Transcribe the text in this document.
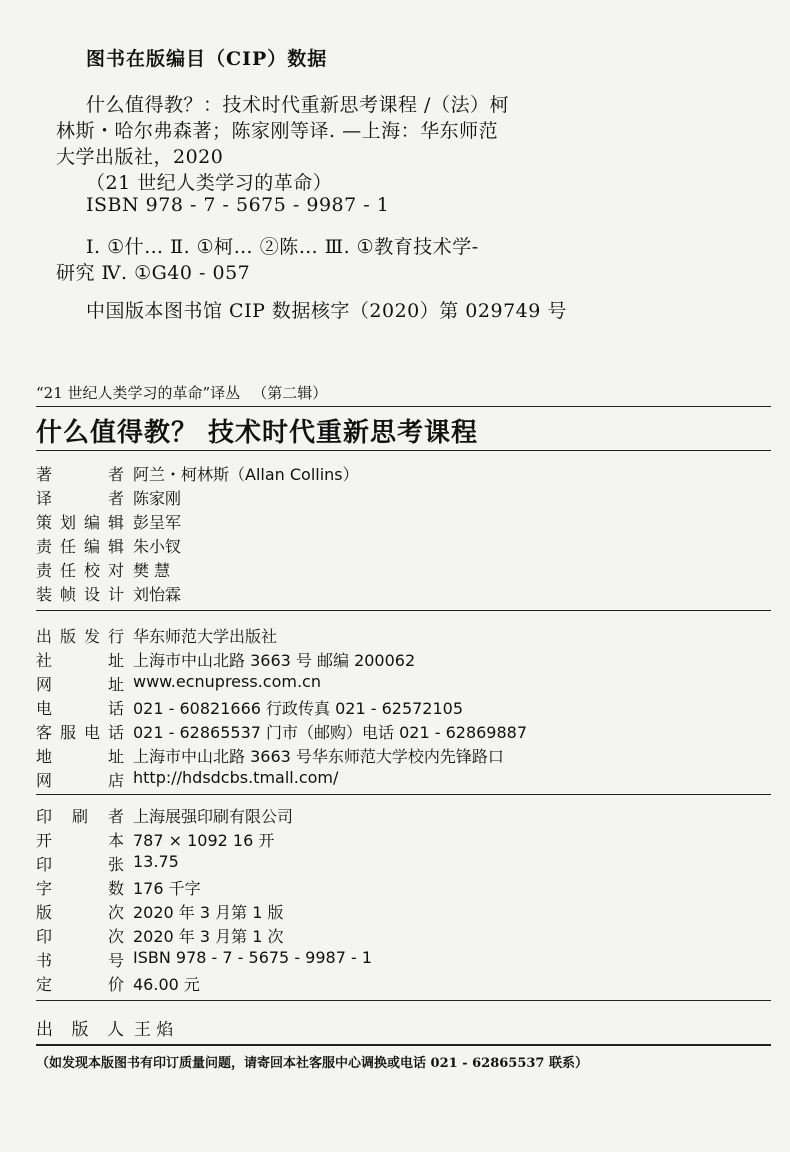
图书在版编目（CIP）数据
什么值得教？：技术时代重新思考课程 /（法）柯
林斯・哈尔弗森著；陈家刚等译. —上海：华东师范
大学出版社，2020
（21 世纪人类学习的革命）
ISBN 978 - 7 - 5675 - 9987 - 1
Ⅰ. ①什… Ⅱ. ①柯… ②陈… Ⅲ. ①教育技术学-
研究 Ⅳ. ①G40 - 057
中国版本图书馆 CIP 数据核字（2020）第 029749 号
“21 世纪人类学习的革命”译丛 （第二辑）
什么值得教？ 技术时代重新思考课程
著 者 阿兰・柯林斯（Allan Collins）
译 者 陈家刚
策划编辑 彭呈军
责任编辑 朱小钗
责任校对 樊 慧
装帧设计 刘怡霖
出版发行 华东师范大学出版社
社 址 上海市中山北路 3663 号 邮编 200062
网 址 www.ecnupress.com.cn
电 话 021 - 60821666 行政传真 021 - 62572105
客服电话 021 - 62865537 门市（邮购）电话 021 - 62869887
地 址 上海市中山北路 3663 号华东师范大学校内先锋路口
网 店 http://hdsdcbs.tmall.com/
印 刷 者 上海展强印刷有限公司
开 本 787 × 1092 16 开
印 张 13.75
字 数 176 千字
版 次 2020 年 3 月第 1 版
印 次 2020 年 3 月第 1 次
书 号 ISBN 978 - 7 - 5675 - 9987 - 1
定 价 46.00 元
出 版 人 王 焰
（如发现本版图书有印订质量问题，请寄回本社客服中心调换或电话 021 - 62865537 联系）
